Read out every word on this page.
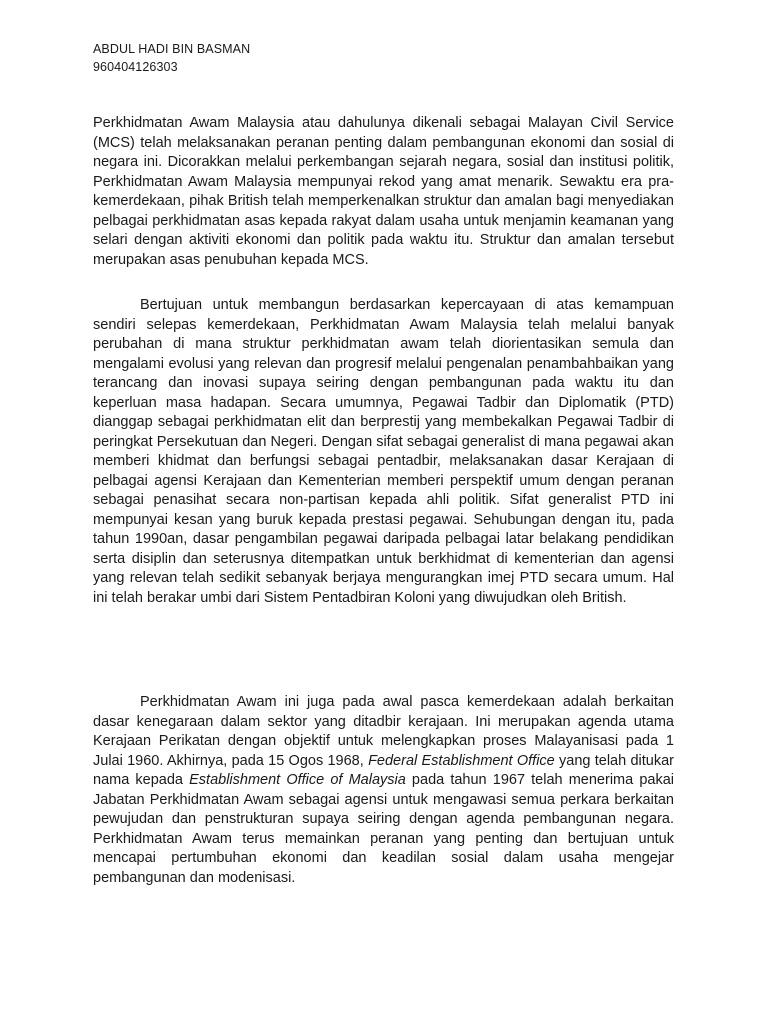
ABDUL HADI BIN BASMAN
960404126303

Perkhidmatan Awam Malaysia atau dahulunya dikenali sebagai Malayan Civil Service (MCS) telah melaksanakan peranan penting dalam pembangunan ekonomi dan sosial di negara ini. Dicorakkan melalui perkembangan sejarah negara, sosial dan institusi politik, Perkhidmatan Awam Malaysia mempunyai rekod yang amat menarik. Sewaktu era pra-kemerdekaan, pihak British telah memperkenalkan struktur dan amalan bagi menyediakan pelbagai perkhidmatan asas kepada rakyat dalam usaha untuk menjamin keamanan yang selari dengan aktiviti ekonomi dan politik pada waktu itu. Struktur dan amalan tersebut merupakan asas penubuhan kepada MCS.

Bertujuan untuk membangun berdasarkan kepercayaan di atas kemampuan sendiri selepas kemerdekaan, Perkhidmatan Awam Malaysia telah melalui banyak perubahan di mana struktur perkhidmatan awam telah diorientasikan semula dan mengalami evolusi yang relevan dan progresif melalui pengenalan penambahbaikan yang terancang dan inovasi supaya seiring dengan pembangunan pada waktu itu dan keperluan masa hadapan. Secara umumnya, Pegawai Tadbir dan Diplomatik (PTD) dianggap sebagai perkhidmatan elit dan berprestij yang membekalkan Pegawai Tadbir di peringkat Persekutuan dan Negeri. Dengan sifat sebagai generalist di mana pegawai akan memberi khidmat dan berfungsi sebagai pentadbir, melaksanakan dasar Kerajaan di pelbagai agensi Kerajaan dan Kementerian memberi perspektif umum dengan peranan sebagai penasihat secara non-partisan kepada ahli politik. Sifat generalist PTD ini mempunyai kesan yang buruk kepada prestasi pegawai. Sehubungan dengan itu, pada tahun 1990an, dasar pengambilan pegawai daripada pelbagai latar belakang pendidikan serta disiplin dan seterusnya ditempatkan untuk berkhidmat di kementerian dan agensi yang relevan telah sedikit sebanyak berjaya mengurangkan imej PTD secara umum. Hal ini telah berakar umbi dari Sistem Pentadbiran Koloni yang diwujudkan oleh British.

Perkhidmatan Awam ini juga pada awal pasca kemerdekaan adalah berkaitan dasar kenegaraan dalam sektor yang ditadbir kerajaan. Ini merupakan agenda utama Kerajaan Perikatan dengan objektif untuk melengkapkan proses Malayanisasi pada 1 Julai 1960. Akhirnya, pada 15 Ogos 1968, Federal Establishment Office yang telah ditukar nama kepada Establishment Office of Malaysia pada tahun 1967 telah menerima pakai Jabatan Perkhidmatan Awam sebagai agensi untuk mengawasi semua perkara berkaitan pewujudan dan penstrukturan supaya seiring dengan agenda pembangunan negara. Perkhidmatan Awam terus memainkan peranan yang penting dan bertujuan untuk mencapai pertumbuhan ekonomi dan keadilan sosial dalam usaha mengejar pembangunan dan modenisasi.
